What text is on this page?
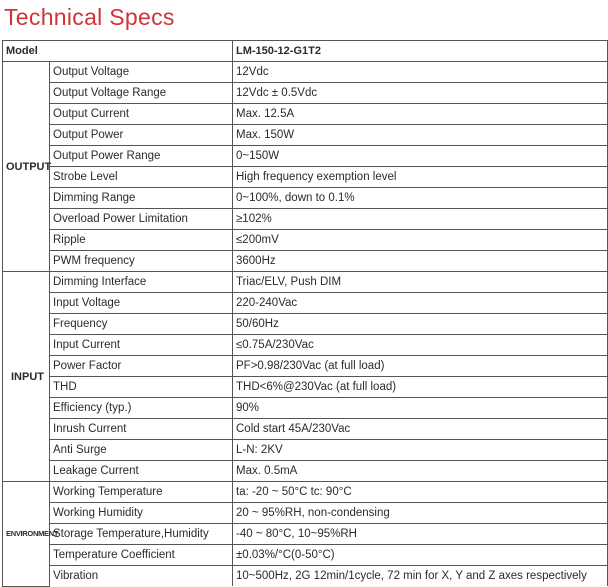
Technical Specs
Model		LM-150-12-G1T2
OUTPUT	Output Voltage	12Vdc
	Output Voltage Range	12Vdc ± 0.5Vdc
	Output Current	Max. 12.5A
	Output Power	Max. 150W
	Output Power Range	0~150W
	Strobe Level	High frequency exemption level
	Dimming Range	0~100%, down to 0.1%
	Overload Power Limitation	≥102%
	Ripple	≤200mV
	PWM frequency	3600Hz
INPUT	Dimming Interface	Triac/ELV, Push DIM
	Input Voltage	220-240Vac
	Frequency	50/60Hz
	Input Current	≤0.75A/230Vac
	Power Factor	PF>0.98/230Vac (at full load)
	THD	THD<6%@230Vac (at full load)
	Efficiency (typ.)	90%
	Inrush Current	Cold start 45A/230Vac
	Anti Surge	L-N: 2KV
	Leakage Current	Max. 0.5mA
ENVIRONMENT	Working Temperature	ta: -20 ~ 50°C tc: 90°C
	Working Humidity	20 ~ 95%RH, non-condensing
	Storage Temperature,Humidity	-40 ~ 80°C, 10~95%RH
	Temperature Coefficient	±0.03%/°C(0-50°C)
	Vibration	10~500Hz, 2G 12min/1cycle, 72 min for X, Y and Z axes respectively
